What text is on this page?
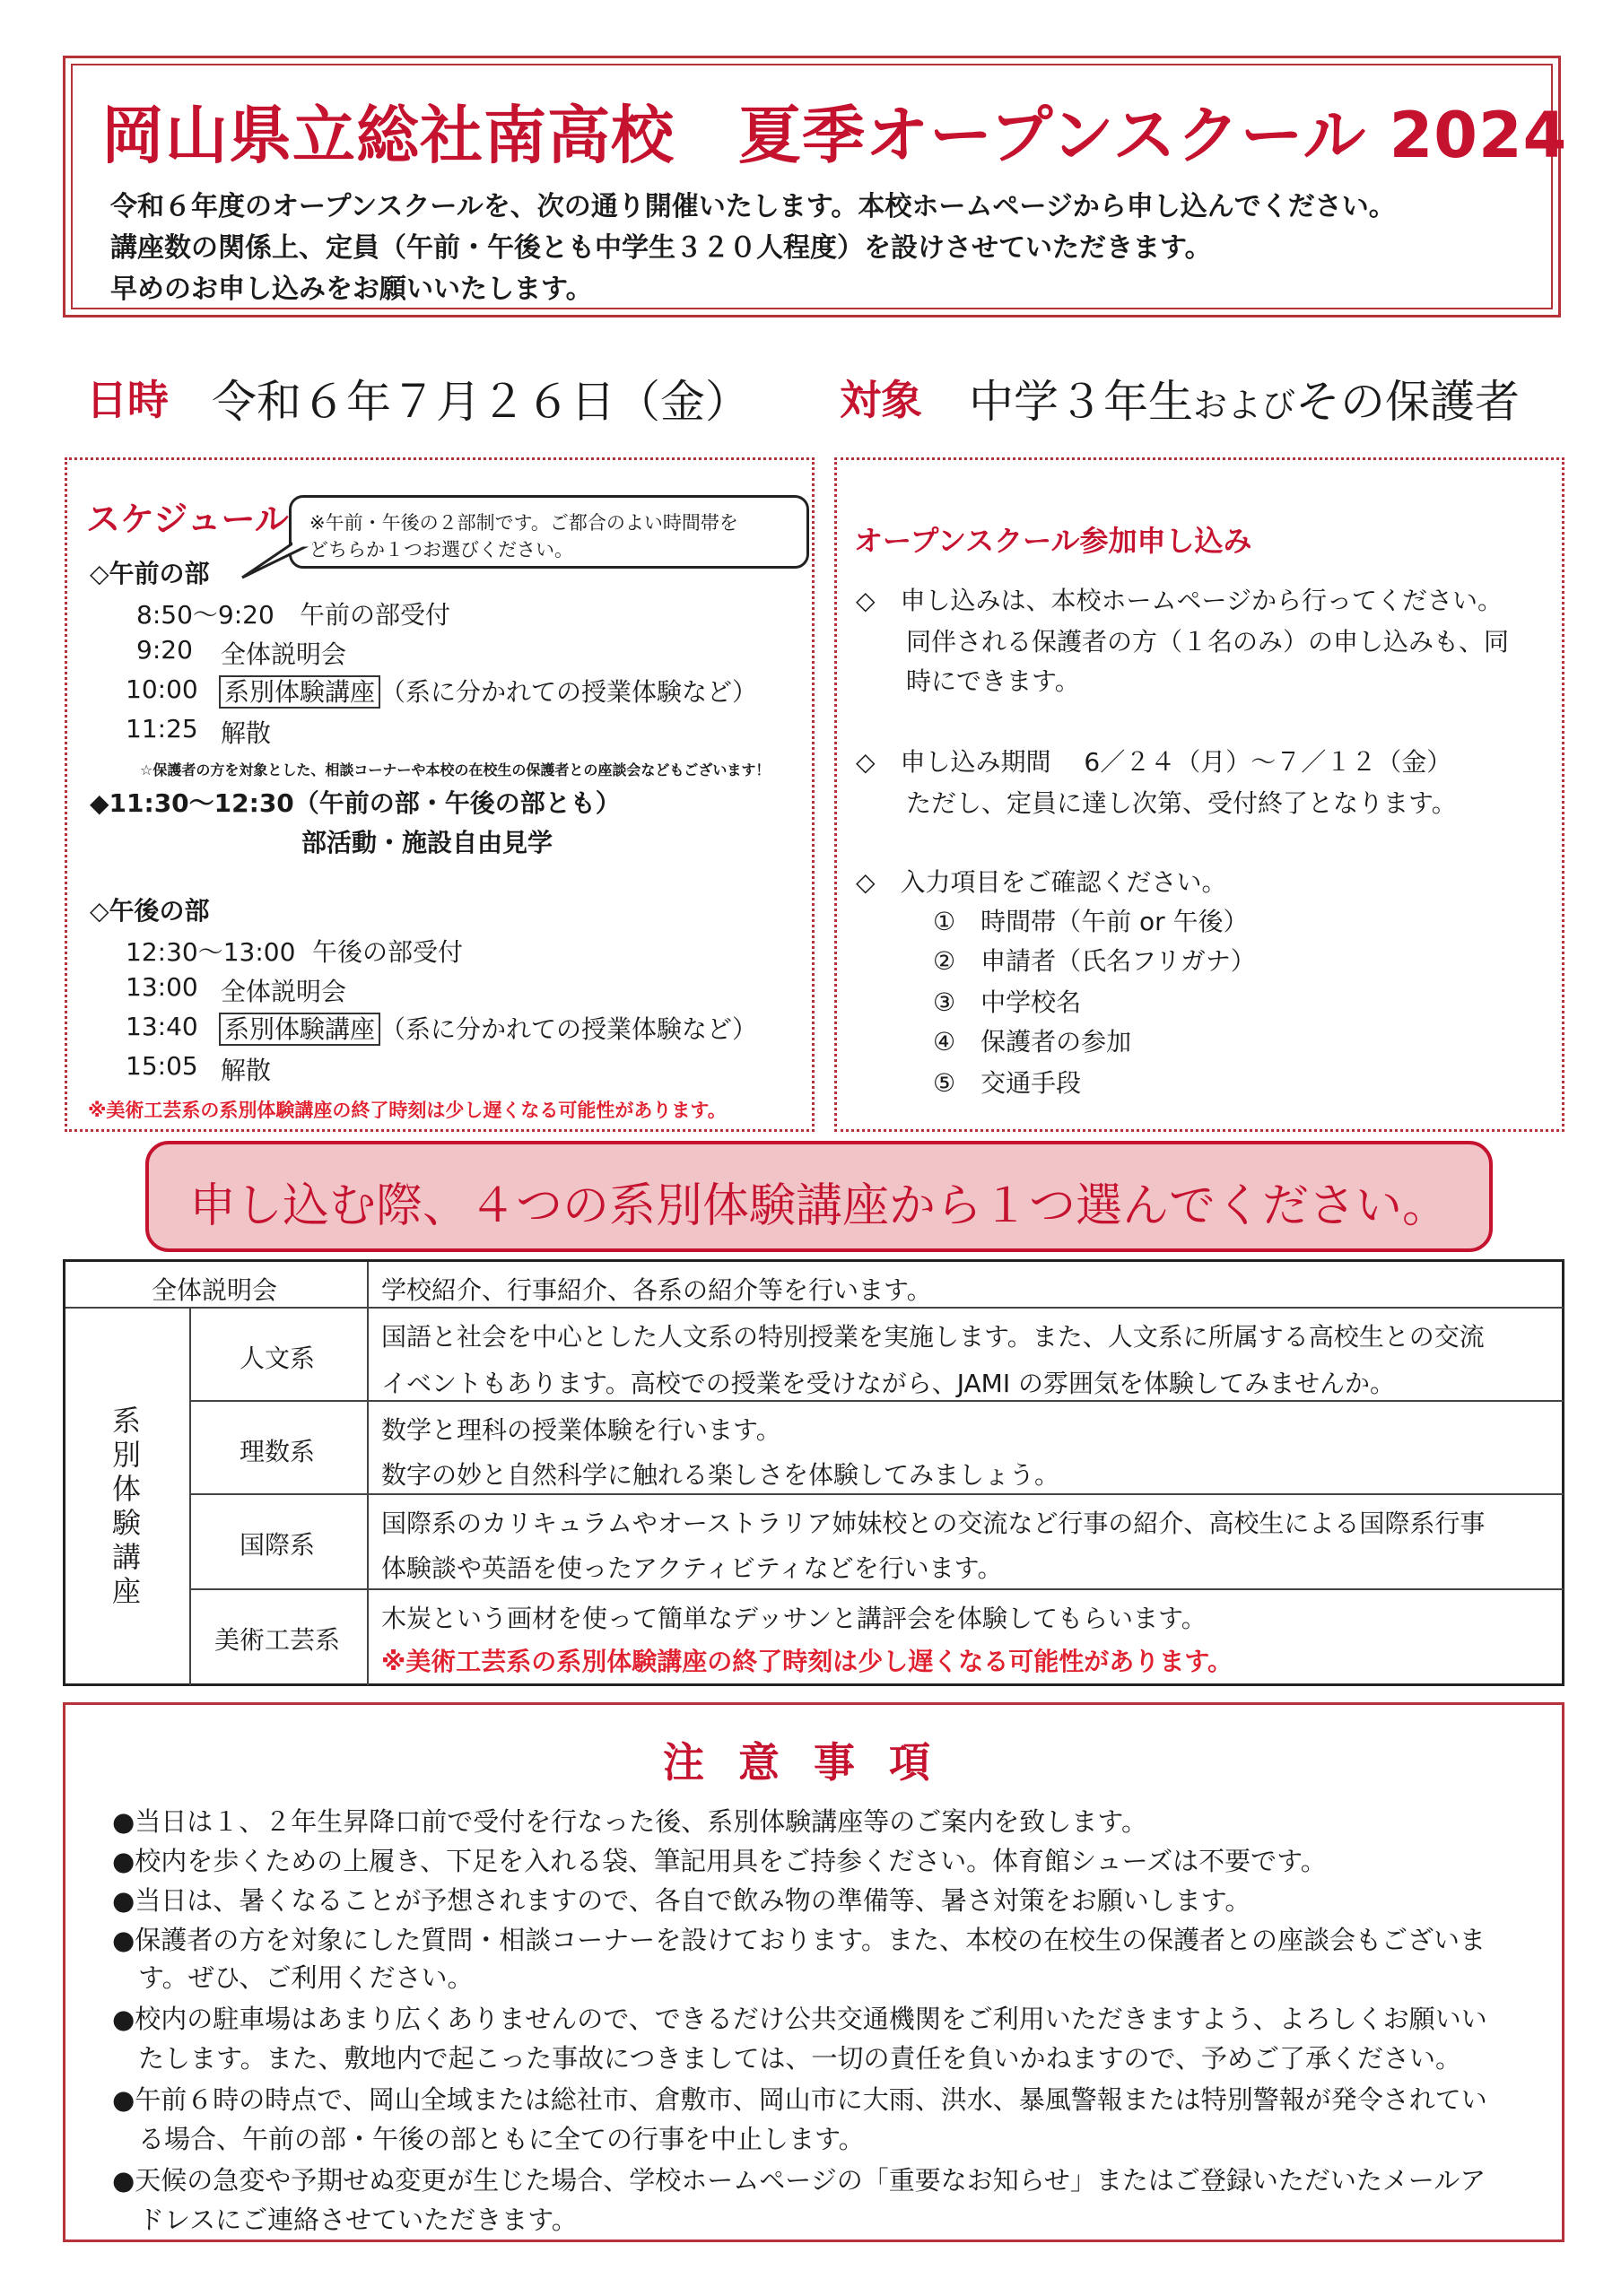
岡山県立総社南高校　夏季オープンスクール 2024
令和６年度のオープンスクールを、次の通り開催いたします。本校ホームページから申し込んでください。
講座数の関係上、定員（午前・午後とも中学生３２０人程度）を設けさせていただきます。
早めのお申し込みをお願いいたします。
日時 令和６年７月２６日（金） 対象 中学３年生およびその保護者
スケジュール ※午前・午後の２部制です。ご都合のよい時間帯を
どちらか１つお選びください。
◇午前の部
8:50～9:20 午前の部受付
9:20 全体説明会
10:00 系別体験講座 （系に分かれての授業体験など）
11:25 解散
☆保護者の方を対象とした、相談コーナーや本校の在校生の保護者との座談会などもございます！
◆11:30～12:30（午前の部・午後の部とも）
部活動・施設自由見学
◇午後の部
12:30～13:00 午後の部受付
13:00 全体説明会
13:40 系別体験講座 （系に分かれての授業体験など）
15:05 解散
※美術工芸系の系別体験講座の終了時刻は少し遅くなる可能性があります。
オープンスクール参加申し込み
◇　申し込みは、本校ホームページから行ってください。
　　同伴される保護者の方（１名のみ）の申し込みも、同
　　時にできます。
◇　申し込み期間　 6／２４（月）～７／１２（金）
　　ただし、定員に達し次第、受付終了となります。
◇　入力項目をご確認ください。
①　時間帯（午前 or 午後）
②　申請者（氏名フリガナ）
③　中学校名
④　保護者の参加
⑤　交通手段
申し込む際、４つの系別体験講座から１つ選んでください。
全体説明会	学校紹介、行事紹介、各系の紹介等を行います。
系
別
体
験
講
座
人文系
国語と社会を中心とした人文系の特別授業を実施します。また、人文系に所属する高校生との交流
イベントもあります。高校での授業を受けながら、JAMI の雰囲気を体験してみませんか。
理数系
数学と理科の授業体験を行います。
数字の妙と自然科学に触れる楽しさを体験してみましょう。
国際系
国際系のカリキュラムやオーストラリア姉妹校との交流など行事の紹介、高校生による国際系行事
体験談や英語を使ったアクティビティなどを行います。
美術工芸系
木炭という画材を使って簡単なデッサンと講評会を体験してもらいます。
※美術工芸系の系別体験講座の終了時刻は少し遅くなる可能性があります。
注意事項
●当日は１、２年生昇降口前で受付を行なった後、系別体験講座等のご案内を致します。
●校内を歩くための上履き、下足を入れる袋、筆記用具をご持参ください。体育館シューズは不要です。
●当日は、暑くなることが予想されますので、各自で飲み物の準備等、暑さ対策をお願いします。
●保護者の方を対象にした質問・相談コーナーを設けております。また、本校の在校生の保護者との座談会もございま
　す。ぜひ、ご利用ください。
●校内の駐車場はあまり広くありませんので、できるだけ公共交通機関をご利用いただきますよう、よろしくお願いい
　たします。また、敷地内で起こった事故につきましては、一切の責任を負いかねますので、予めご了承ください。
●午前６時の時点で、岡山全域または総社市、倉敷市、岡山市に大雨、洪水、暴風警報または特別警報が発令されてい
　る場合、午前の部・午後の部ともに全ての行事を中止します。
●天候の急変や予期せぬ変更が生じた場合、学校ホームページの「重要なお知らせ」またはご登録いただいたメールア
　ドレスにご連絡させていただきます。
